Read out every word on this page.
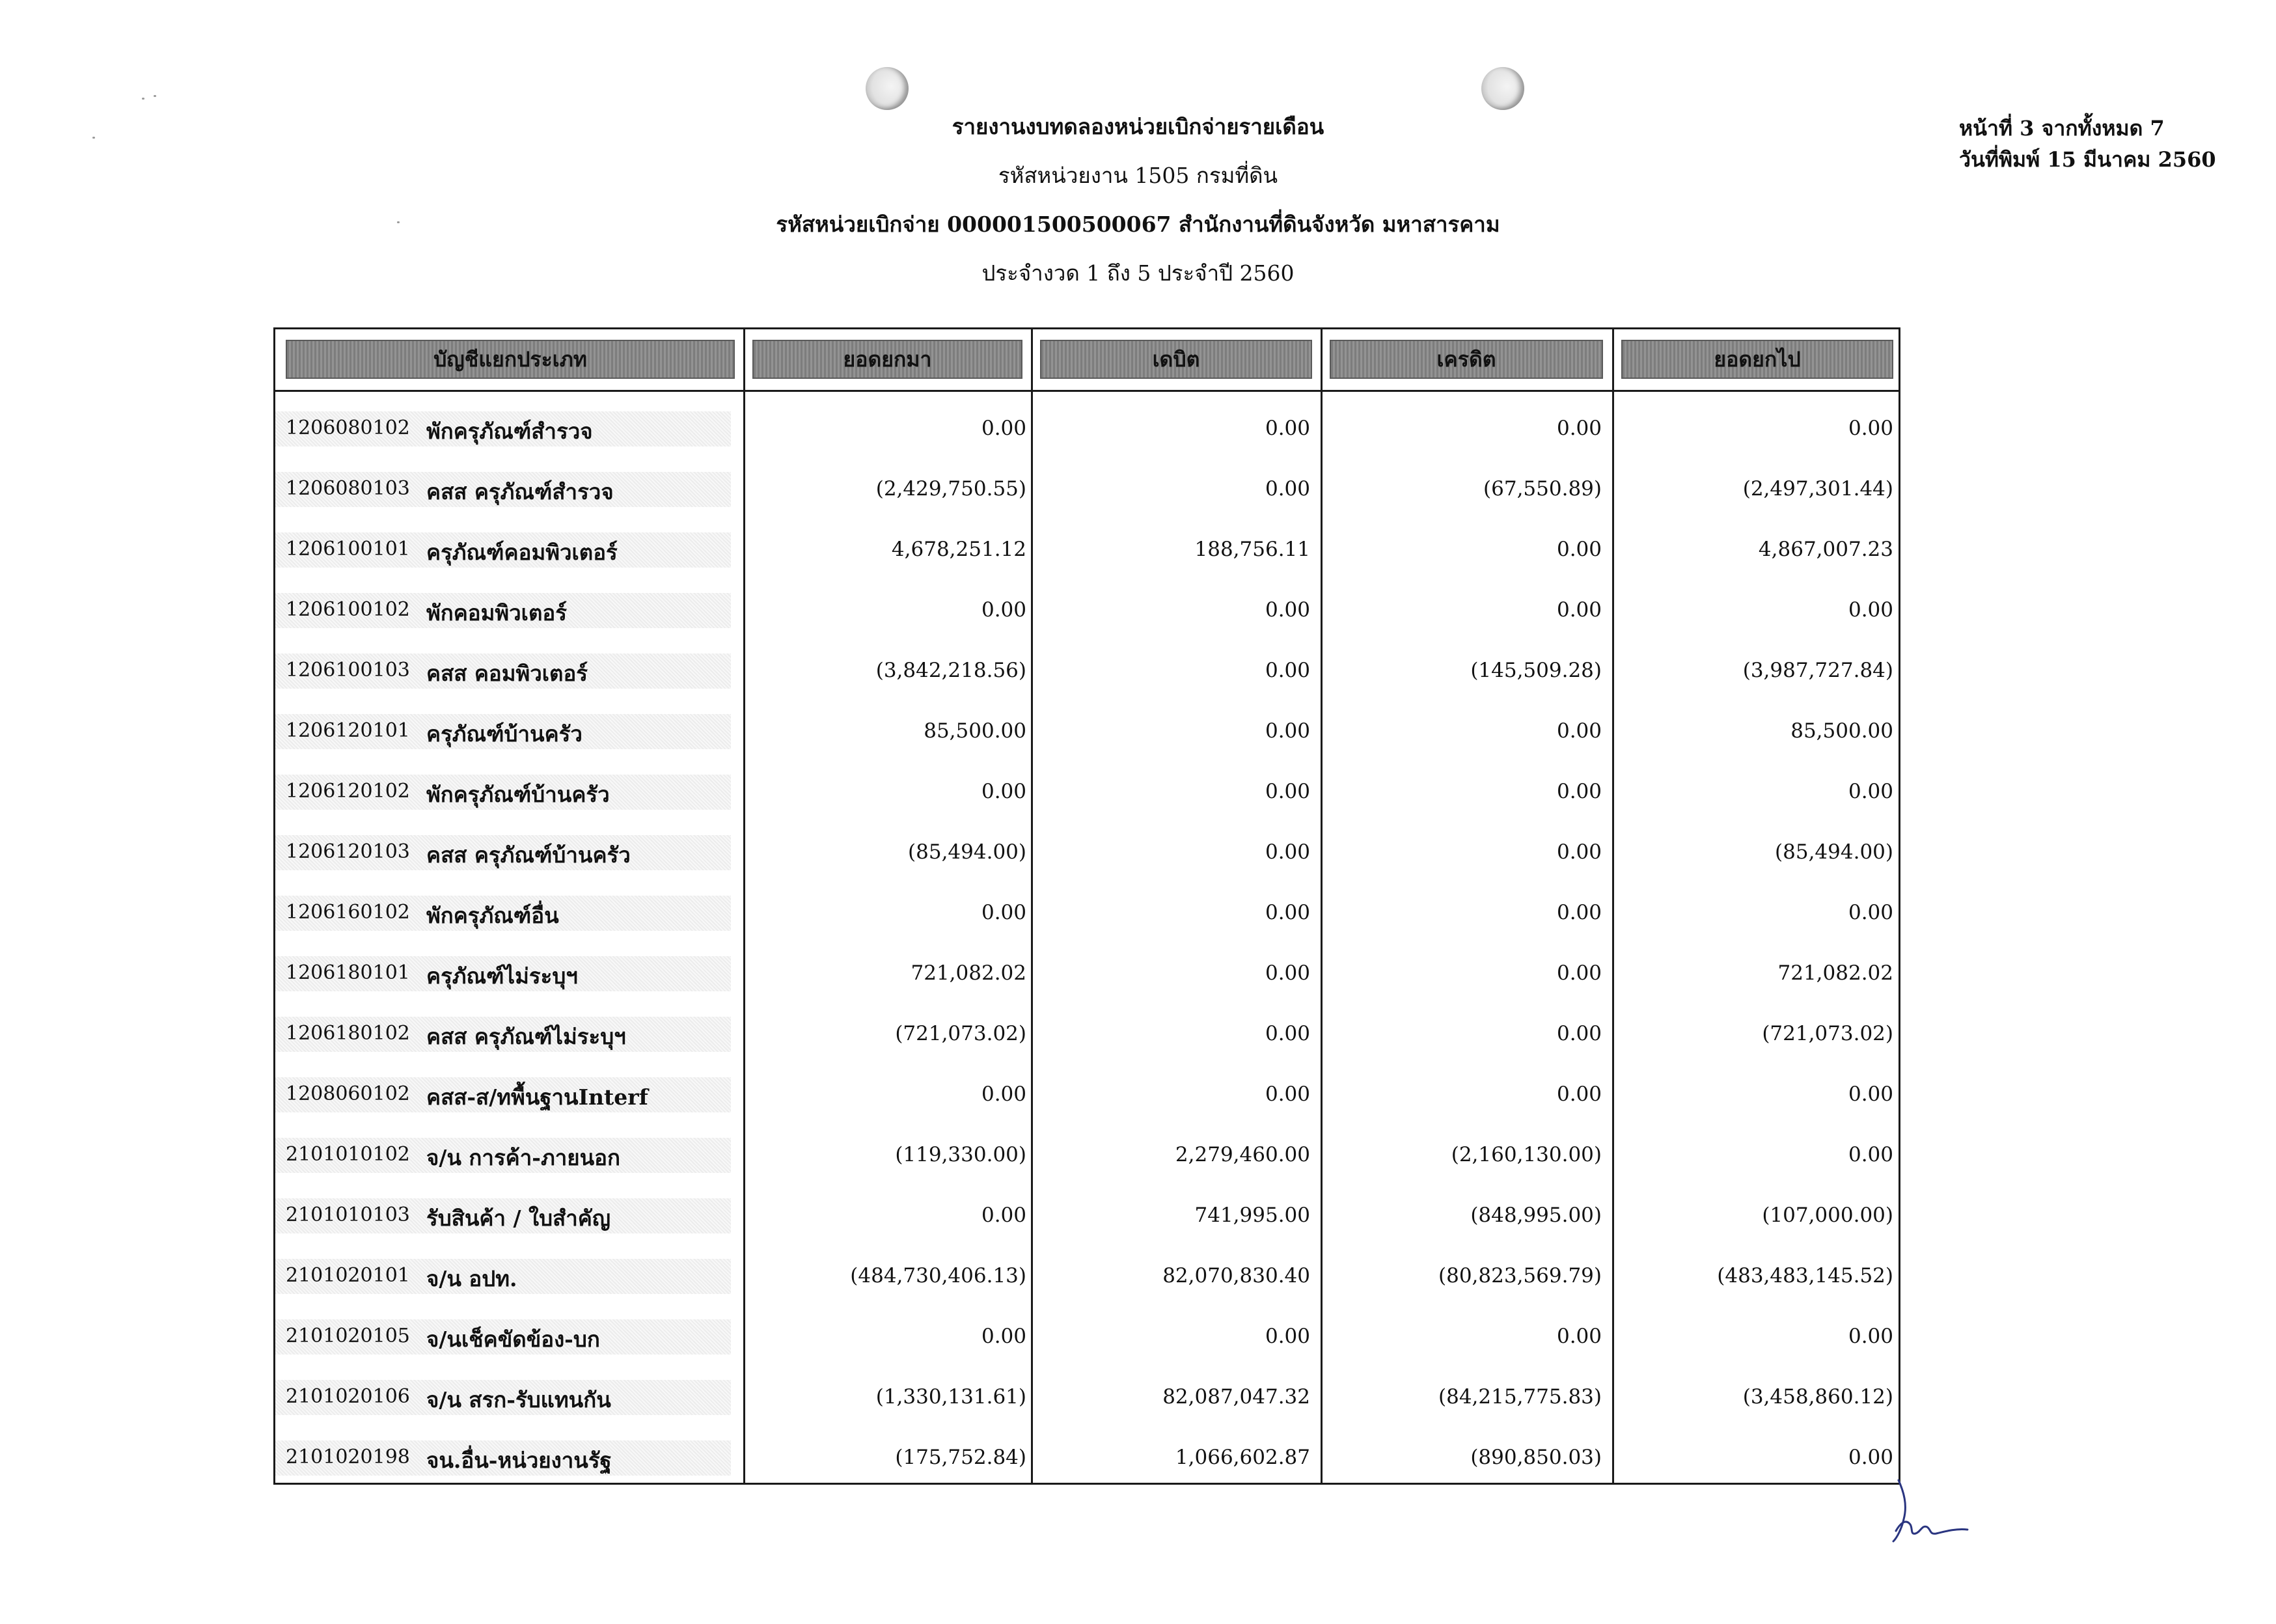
รายงานงบทดลองหน่วยเบิกจ่ายรายเดือน
รหัสหน่วยงาน 1505 กรมที่ดิน
รหัสหน่วยเบิกจ่าย 000001500500067 สำนักงานที่ดินจังหวัด มหาสารคาม
ประจำงวด 1 ถึง 5 ประจำปี 2560
หน้าที่ 3 จากทั้งหมด 7
วันที่พิมพ์ 15 มีนาคม 2560
บัญชีแยกประเภท	ยอดยกมา	เดบิต	เครดิต	ยอดยกไป
1206080102 พักครุภัณฑ์สำรวจ	0.00	0.00	0.00	0.00
1206080103 คสส ครุภัณฑ์สำรวจ	(2,429,750.55)	0.00	(67,550.89)	(2,497,301.44)
1206100101 ครุภัณฑ์คอมพิวเตอร์	4,678,251.12	188,756.11	0.00	4,867,007.23
1206100102 พักคอมพิวเตอร์	0.00	0.00	0.00	0.00
1206100103 คสส คอมพิวเตอร์	(3,842,218.56)	0.00	(145,509.28)	(3,987,727.84)
1206120101 ครุภัณฑ์บ้านครัว	85,500.00	0.00	0.00	85,500.00
1206120102 พักครุภัณฑ์บ้านครัว	0.00	0.00	0.00	0.00
1206120103 คสส ครุภัณฑ์บ้านครัว	(85,494.00)	0.00	0.00	(85,494.00)
1206160102 พักครุภัณฑ์อื่น	0.00	0.00	0.00	0.00
1206180101 ครุภัณฑ์ไม่ระบุฯ	721,082.02	0.00	0.00	721,082.02
1206180102 คสส ครุภัณฑ์ไม่ระบุฯ	(721,073.02)	0.00	0.00	(721,073.02)
1208060102 คสส-ส/ทพื้นฐานInterf	0.00	0.00	0.00	0.00
2101010102 จ/น การค้า-ภายนอก	(119,330.00)	2,279,460.00	(2,160,130.00)	0.00
2101010103 รับสินค้า / ใบสำคัญ	0.00	741,995.00	(848,995.00)	(107,000.00)
2101020101 จ/น อปท.	(484,730,406.13)	82,070,830.40	(80,823,569.79)	(483,483,145.52)
2101020105 จ/นเช็คขัดข้อง-บก	0.00	0.00	0.00	0.00
2101020106 จ/น สรก-รับแทนกัน	(1,330,131.61)	82,087,047.32	(84,215,775.83)	(3,458,860.12)
2101020198 จน.อื่น-หน่วยงานรัฐ	(175,752.84)	1,066,602.87	(890,850.03)	0.00
